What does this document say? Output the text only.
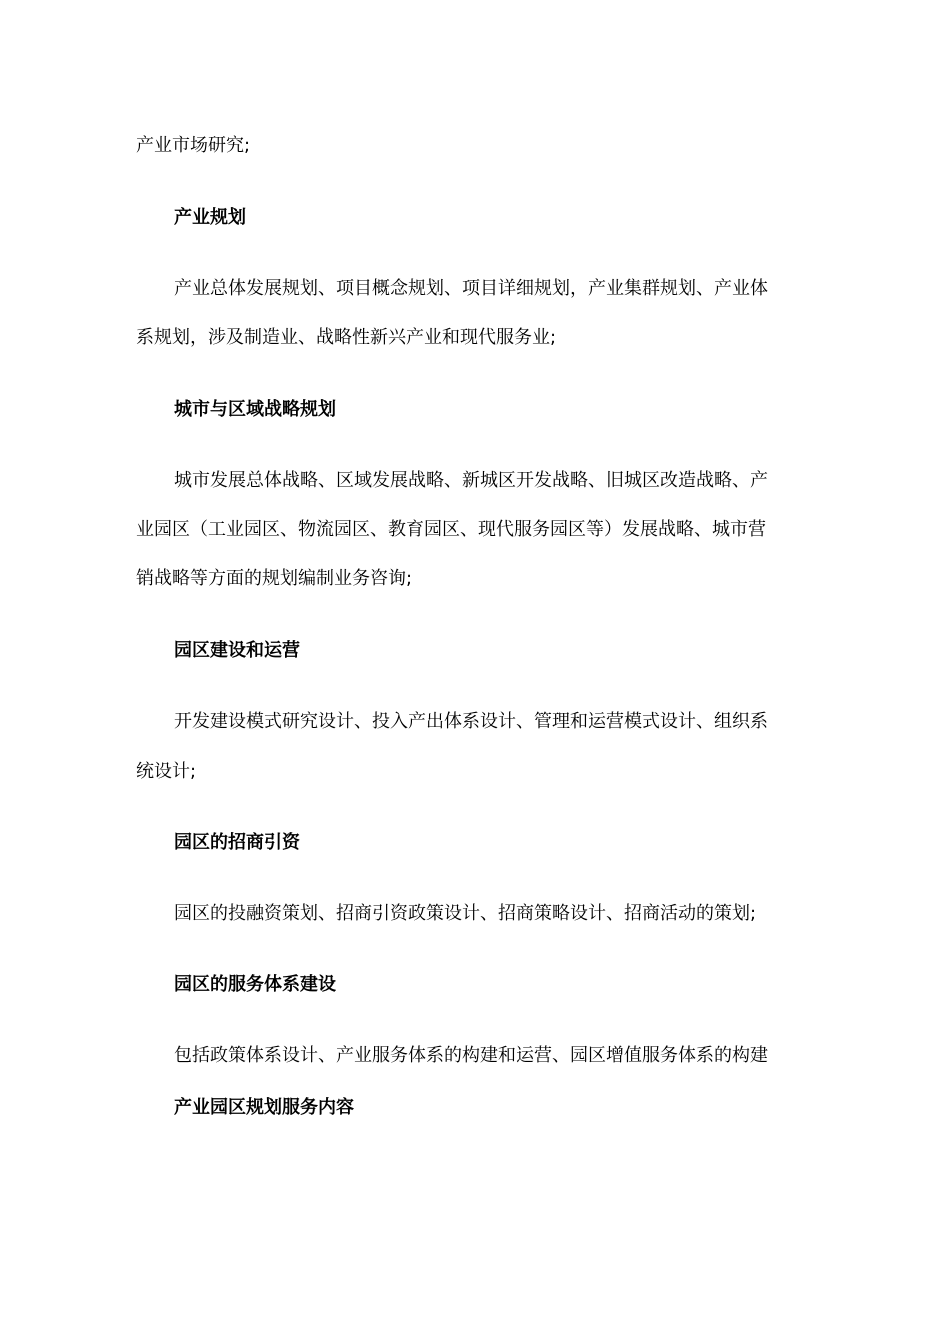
产业市场研究;
产业规划
产业总体发展规划、项目概念规划、项目详细规划，产业集群规划、产业体
系规划，涉及制造业、战略性新兴产业和现代服务业;
城市与区域战略规划
城市发展总体战略、区域发展战略、新城区开发战略、旧城区改造战略、产
业园区（工业园区、物流园区、教育园区、现代服务园区等）发展战略、城市营
销战略等方面的规划编制业务咨询;
园区建设和运营
开发建设模式研究设计、投入产出体系设计、管理和运营模式设计、组织系
统设计;
园区的招商引资
园区的投融资策划、招商引资政策设计、招商策略设计、招商活动的策划;
园区的服务体系建设
包括政策体系设计、产业服务体系的构建和运营、园区增值服务体系的构建
产业园区规划服务内容
